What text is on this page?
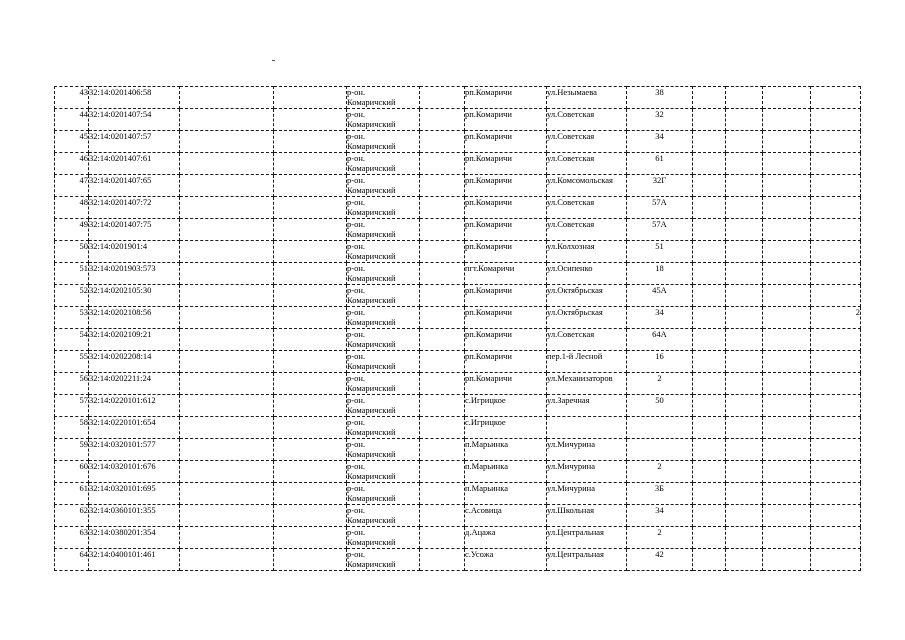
43	32:14:0201406:58			р-он.
Комаричский		рп.Комаричи	ул.Незымаева	38				
44	32:14:0201407:54			р-он.
Комаричский		рп.Комаричи	ул.Советская	32				
45	32:14:0201407:57			р-он.
Комаричский		рп.Комаричи	ул.Советская	34				
46	32:14:0201407:61			р-он.
Комаричский		рп.Комаричи	ул.Советская	61				
47	32:14:0201407:65			р-он.
Комаричский		рп.Комаричи	ул.Комсомольская	32Г				
48	32:14:0201407:72			р-он.
Комаричский		рп.Комаричи	ул.Советская	57А				
49	32:14:0201407:75			р-он.
Комаричский		рп.Комаричи	ул.Советская	57А				
50	32:14:0201901:4			р-он.
Комаричский		рп.Комаричи	ул.Колхозная	51				
51	32:14:0201903:573			р-он.
Комаричский		пгт.Комаричи	ул.Осипенко	18				
52	32:14:0202105:30			р-он.
Комаричский		рп.Комаричи	ул.Октябрьская	45А				
53	32:14:0202108:56			р-он.
Комаричский		рп.Комаричи	ул.Октябрьская	34				2
54	32:14:0202109:21			р-он.
Комаричский		рп.Комаричи	ул.Советская	64А				
55	32:14:0202208:14			р-он.
Комаричский		рп.Комаричи	пер.1-й Лесной	16				
56	32:14:0202211:24			р-он.
Комаричский		рп.Комаричи	ул.Механизаторов	2				
57	32:14:0220101:612			р-он.
Комаричский		с.Игрицкое	ул.Заречная	50				
58	32:14:0220101:654			р-он.
Комаричский		с.Игрицкое						
59	32:14:0320101:577			р-он.
Комаричский		п.Марьинка	ул.Мичурина					
60	32:14:0320101:676			р-он.
Комаричский		п.Марьинка	ул.Мичурина	2				
61	32:14:0320101:695			р-он.
Комаричский		п.Марьинка	ул.Мичурина	3Б				
62	32:14:0360101:355			р-он.
Комаричский		с.Асовица	ул.Школьная	34				
63	32:14:0380201:354			р-он.
Комаричский		д.Ацажа	ул.Центральная	2				
64	32:14:0400101:461			р-он.
Комаричский		с.Усожа	ул.Центральная	42				
